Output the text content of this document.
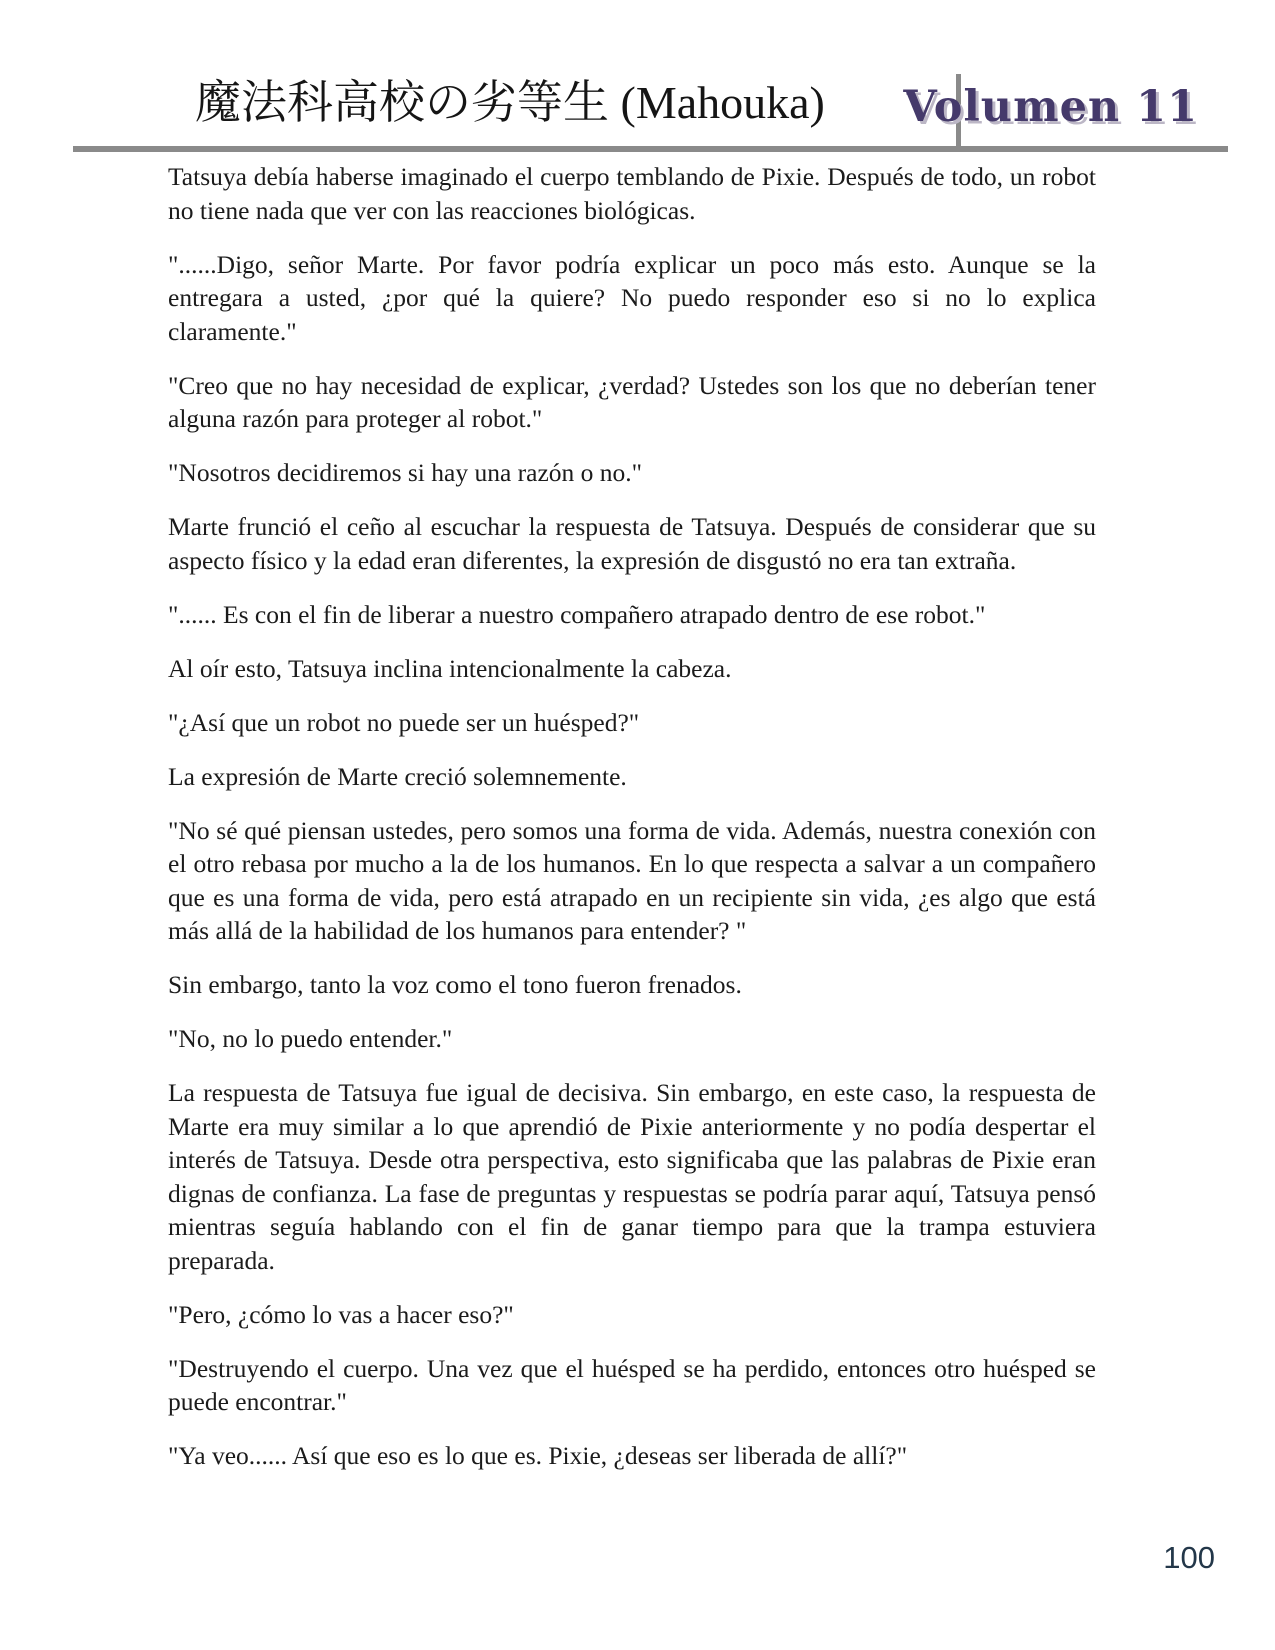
魔法科高校の劣等生 (Mahouka) Volumen 11

Tatsuya debía haberse imaginado el cuerpo temblando de Pixie. Después de todo, un robot no tiene nada que ver con las reacciones biológicas.

"......Digo, señor Marte. Por favor podría explicar un poco más esto. Aunque se la entregara a usted, ¿por qué la quiere? No puedo responder eso si no lo explica claramente."

"Creo que no hay necesidad de explicar, ¿verdad? Ustedes son los que no deberían tener alguna razón para proteger al robot."

"Nosotros decidiremos si hay una razón o no."

Marte frunció el ceño al escuchar la respuesta de Tatsuya. Después de considerar que su aspecto físico y la edad eran diferentes, la expresión de disgustó no era tan extraña.

"...... Es con el fin de liberar a nuestro compañero atrapado dentro de ese robot."

Al oír esto, Tatsuya inclina intencionalmente la cabeza.

"¿Así que un robot no puede ser un huésped?"

La expresión de Marte creció solemnemente.

"No sé qué piensan ustedes, pero somos una forma de vida. Además, nuestra conexión con el otro rebasa por mucho a la de los humanos. En lo que respecta a salvar a un compañero que es una forma de vida, pero está atrapado en un recipiente sin vida, ¿es algo que está más allá de la habilidad de los humanos para entender? "

Sin embargo, tanto la voz como el tono fueron frenados.

"No, no lo puedo entender."

La respuesta de Tatsuya fue igual de decisiva. Sin embargo, en este caso, la respuesta de Marte era muy similar a lo que aprendió de Pixie anteriormente y no podía despertar el interés de Tatsuya. Desde otra perspectiva, esto significaba que las palabras de Pixie eran dignas de confianza. La fase de preguntas y respuestas se podría parar aquí, Tatsuya pensó mientras seguía hablando con el fin de ganar tiempo para que la trampa estuviera preparada.

"Pero, ¿cómo lo vas a hacer eso?"

"Destruyendo el cuerpo. Una vez que el huésped se ha perdido, entonces otro huésped se puede encontrar."

"Ya veo...... Así que eso es lo que es. Pixie, ¿deseas ser liberada de allí?"

100
